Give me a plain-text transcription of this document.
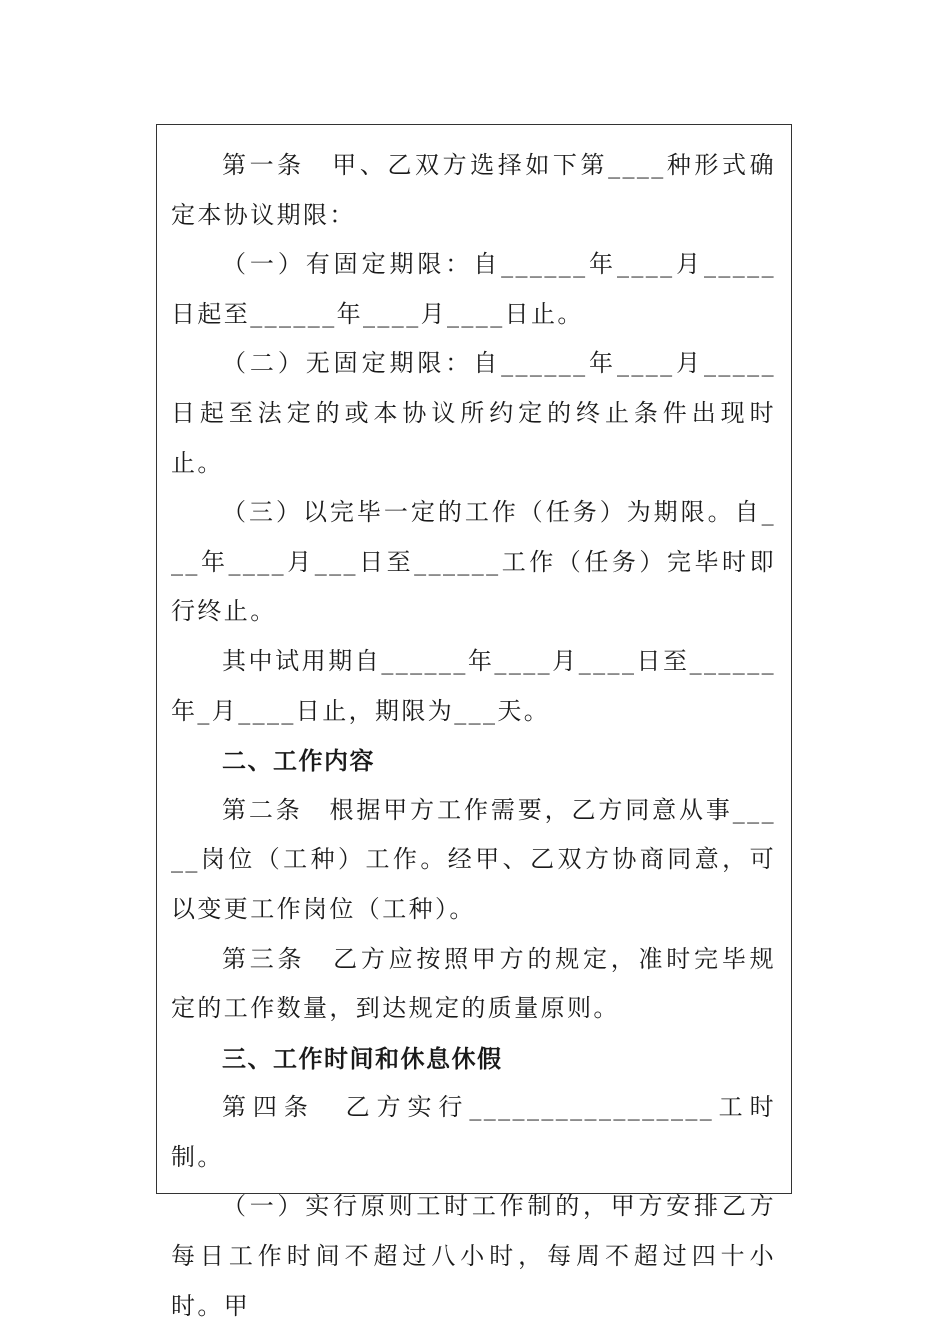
第一条　甲、乙双方选择如下第____种形式确定本协议期限：

（一）有固定期限：自______年____月_____日起至______年____月____日止。

（二）无固定期限：自______年____月_____日起至法定的或本协议所约定的终止条件出现时止。

（三）以完毕一定的工作（任务）为期限。自___年____月___日至______工作（任务）完毕时即行终止。

其中试用期自______年____月____日至______年_月____日止，期限为___天。

二、工作内容

第二条　根据甲方工作需要，乙方同意从事_____岗位（工种）工作。经甲、乙双方协商同意，可以变更工作岗位（工种）。

第三条　乙方应按照甲方的规定，准时完毕规定的工作数量，到达规定的质量原则。

三、工作时间和休息休假

第四条　乙方实行_________________工时制。

（一）实行原则工时工作制的，甲方安排乙方每日工作时间不超过八小时，每周不超过四十小时。甲
